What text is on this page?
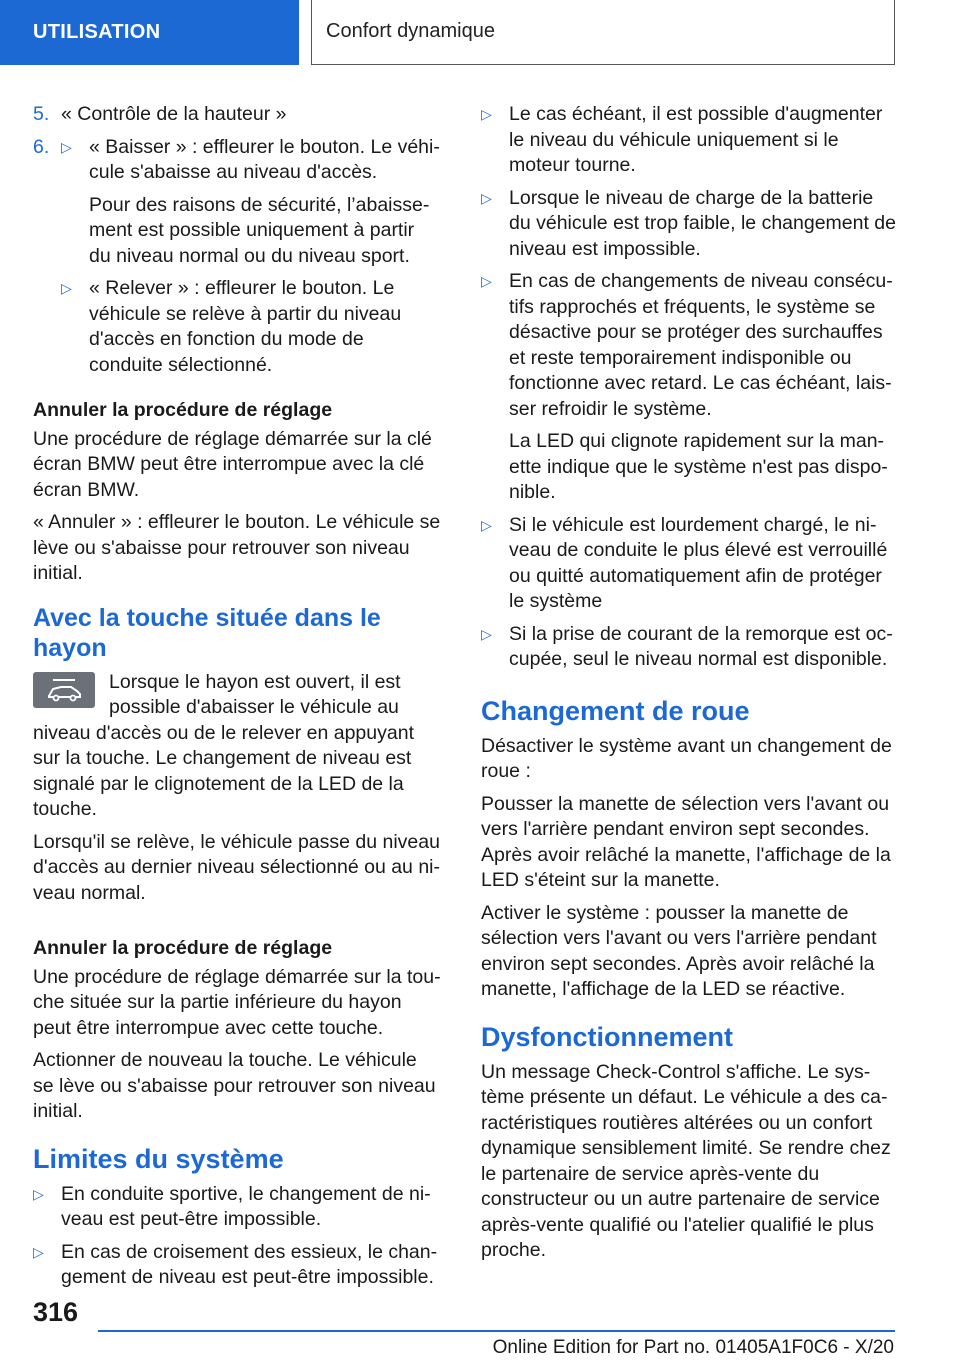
UTILISATION	Confort dynamique
5. « Contrôle de la hauteur »
6. ▷ « Baisser » : effleurer le bouton. Le véhicule s'abaisse au niveau d'accès.
Pour des raisons de sécurité, l’abaissement est possible uniquement à partir du niveau normal ou du niveau sport.
▷ « Relever » : effleurer le bouton. Le véhicule se relève à partir du niveau d'accès en fonction du mode de conduite sélectionné.
Annuler la procédure de réglage

Une procédure de réglage démarrée sur la clé écran BMW peut être interrompue avec la clé écran BMW.

« Annuler » : effleurer le bouton. Le véhicule se lève ou s'abaisse pour retrouver son niveau initial.

Avec la touche située dans le hayon
Lorsque le hayon est ouvert, il est possible d'abaisser le véhicule au niveau d'accès ou de le relever en appuyant sur la touche. Le changement de niveau est signalé par le clignotement de la LED de la touche.

Lorsqu'il se relève, le véhicule passe du niveau d'accès au dernier niveau sélectionné ou au niveau normal.

Annuler la procédure de réglage

Une procédure de réglage démarrée sur la touche située sur la partie inférieure du hayon peut être interrompue avec cette touche.

Actionner de nouveau la touche. Le véhicule se lève ou s'abaisse pour retrouver son niveau initial.

Limites du système
▷ En conduite sportive, le changement de niveau est peut-être impossible.
▷ En cas de croisement des essieux, le changement de niveau est peut-être impossible.
▷ Le cas échéant, il est possible d'augmenter le niveau du véhicule uniquement si le moteur tourne.
▷ Lorsque le niveau de charge de la batterie du véhicule est trop faible, le changement de niveau est impossible.
▷ En cas de changements de niveau consécutifs rapprochés et fréquents, le système se désactive pour se protéger des surchauffes et reste temporairement indisponible ou fonctionne avec retard. Le cas échéant, laisser refroidir le système.
La LED qui clignote rapidement sur la manette indique que le système n'est pas disponible.
▷ Si le véhicule est lourdement chargé, le niveau de conduite le plus élevé est verrouillé ou quitté automatiquement afin de protéger le système
▷ Si la prise de courant de la remorque est occupée, seul le niveau normal est disponible.
Changement de roue

Désactiver le système avant un changement de roue :

Pousser la manette de sélection vers l'avant ou vers l'arrière pendant environ sept secondes. Après avoir relâché la manette, l'affichage de la LED s'éteint sur la manette.

Activer le système : pousser la manette de sélection vers l'avant ou vers l'arrière pendant environ sept secondes. Après avoir relâché la manette, l'affichage de la LED se réactive.

Dysfonctionnement

Un message Check-Control s'affiche. Le système présente un défaut. Le véhicule a des caractéristiques routières altérées ou un confort dynamique sensiblement limité. Se rendre chez le partenaire de service après-vente du constructeur ou un autre partenaire de service après-vente qualifié ou l'atelier qualifié le plus proche.

316
Online Edition for Part no. 01405A1F0C6 - X/20
